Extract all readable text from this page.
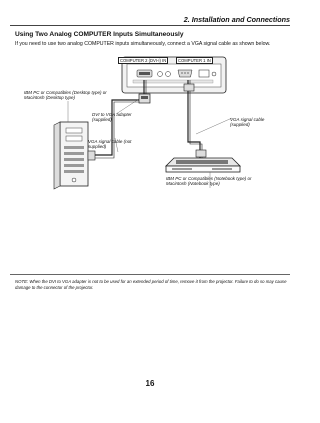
2. Installation and Connections
Using Two Analog COMPUTER Inputs Simultaneously
If you need to use two analog COMPUTER inputs simultaneously, connect a VGA signal cable as shown below.
COMPUTER 2 (DVI-I) IN	COMPUTER 1 IN
IBM PC or Compatibles (Desktop type) or Macintosh (Desktop type)
DVI to VGA adapter (supplied)
VGA signal cable (not supplied)
VGA signal cable (supplied)
IBM PC or Compatibles (Notebook type) or Macintosh (Notebook type)
NOTE: When the DVI to VGA adapter is not to be used for an extended period of time, remove it from the projector. Failure to do so may cause damage to the connector of the projector.
16
